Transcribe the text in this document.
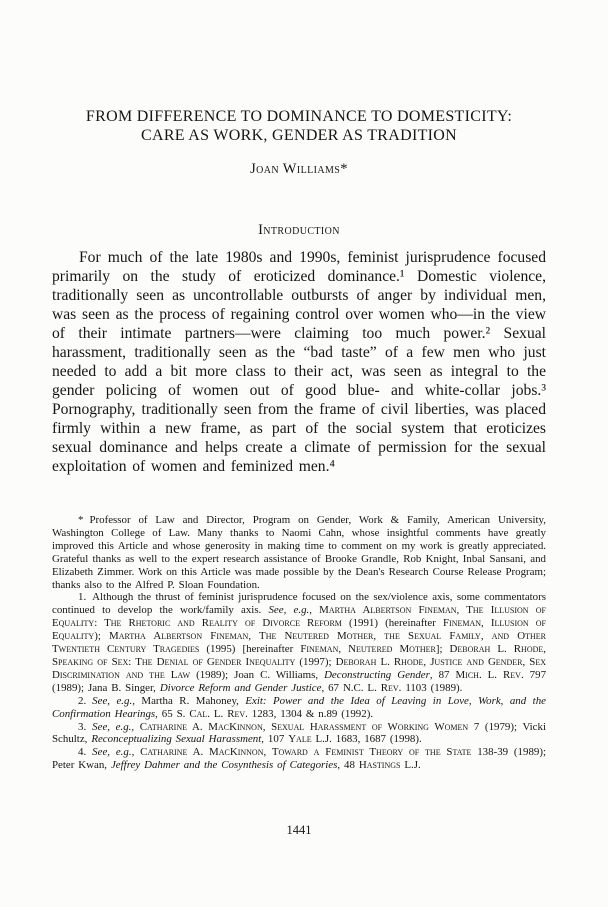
FROM DIFFERENCE TO DOMINANCE TO DOMESTICITY:
CARE AS WORK, GENDER AS TRADITION
Joan Williams*
Introduction

For much of the late 1980s and 1990s, feminist jurisprudence focused primarily on the study of eroticized dominance.¹ Domestic violence, traditionally seen as uncontrollable outbursts of anger by individual men, was seen as the process of regaining control over women who—in the view of their intimate partners—were claiming too much power.² Sexual harassment, traditionally seen as the “bad taste” of a few men who just needed to add a bit more class to their act, was seen as integral to the gender policing of women out of good blue- and white-collar jobs.³ Pornography, traditionally seen from the frame of civil liberties, was placed firmly within a new frame, as part of the social system that eroticizes sexual dominance and helps create a climate of permission for the sexual exploitation of women and feminized men.⁴

* Professor of Law and Director, Program on Gender, Work & Family, American University, Washington College of Law. Many thanks to Naomi Cahn, whose insightful comments have greatly improved this Article and whose generosity in making time to comment on my work is greatly appreciated. Grateful thanks as well to the expert research assistance of Brooke Grandle, Rob Knight, Inbal Sansani, and Elizabeth Zimmer. Work on this Article was made possible by the Dean's Research Course Release Program; thanks also to the Alfred P. Sloan Foundation.

1. Although the thrust of feminist jurisprudence focused on the sex/violence axis, some commentators continued to develop the work/family axis. See, e.g., Martha Albertson Fineman, The Illusion of Equality: The Rhetoric and Reality of Divorce Reform (1991) (hereinafter Fineman, Illusion of Equality); Martha Albertson Fineman, The Neutered Mother, the Sexual Family, and Other Twentieth Century Tragedies (1995) [hereinafter Fineman, Neutered Mother]; Deborah L. Rhode, Speaking of Sex: The Denial of Gender Inequality (1997); Deborah L. Rhode, Justice and Gender, Sex Discrimination and the Law (1989); Joan C. Williams, Deconstructing Gender, 87 Mich. L. Rev. 797 (1989); Jana B. Singer, Divorce Reform and Gender Justice, 67 N.C. L. Rev. 1103 (1989).

2. See, e.g., Martha R. Mahoney, Exit: Power and the Idea of Leaving in Love, Work, and the Confirmation Hearings, 65 S. Cal. L. Rev. 1283, 1304 & n.89 (1992).

3. See, e.g., Catharine A. MacKinnon, Sexual Harassment of Working Women 7 (1979); Vicki Schultz, Reconceptualizing Sexual Harassment, 107 Yale L.J. 1683, 1687 (1998).

4. See, e.g., Catharine A. MacKinnon, Toward a Feminist Theory of the State 138-39 (1989); Peter Kwan, Jeffrey Dahmer and the Cosynthesis of Categories, 48 Hastings L.J.

1441
